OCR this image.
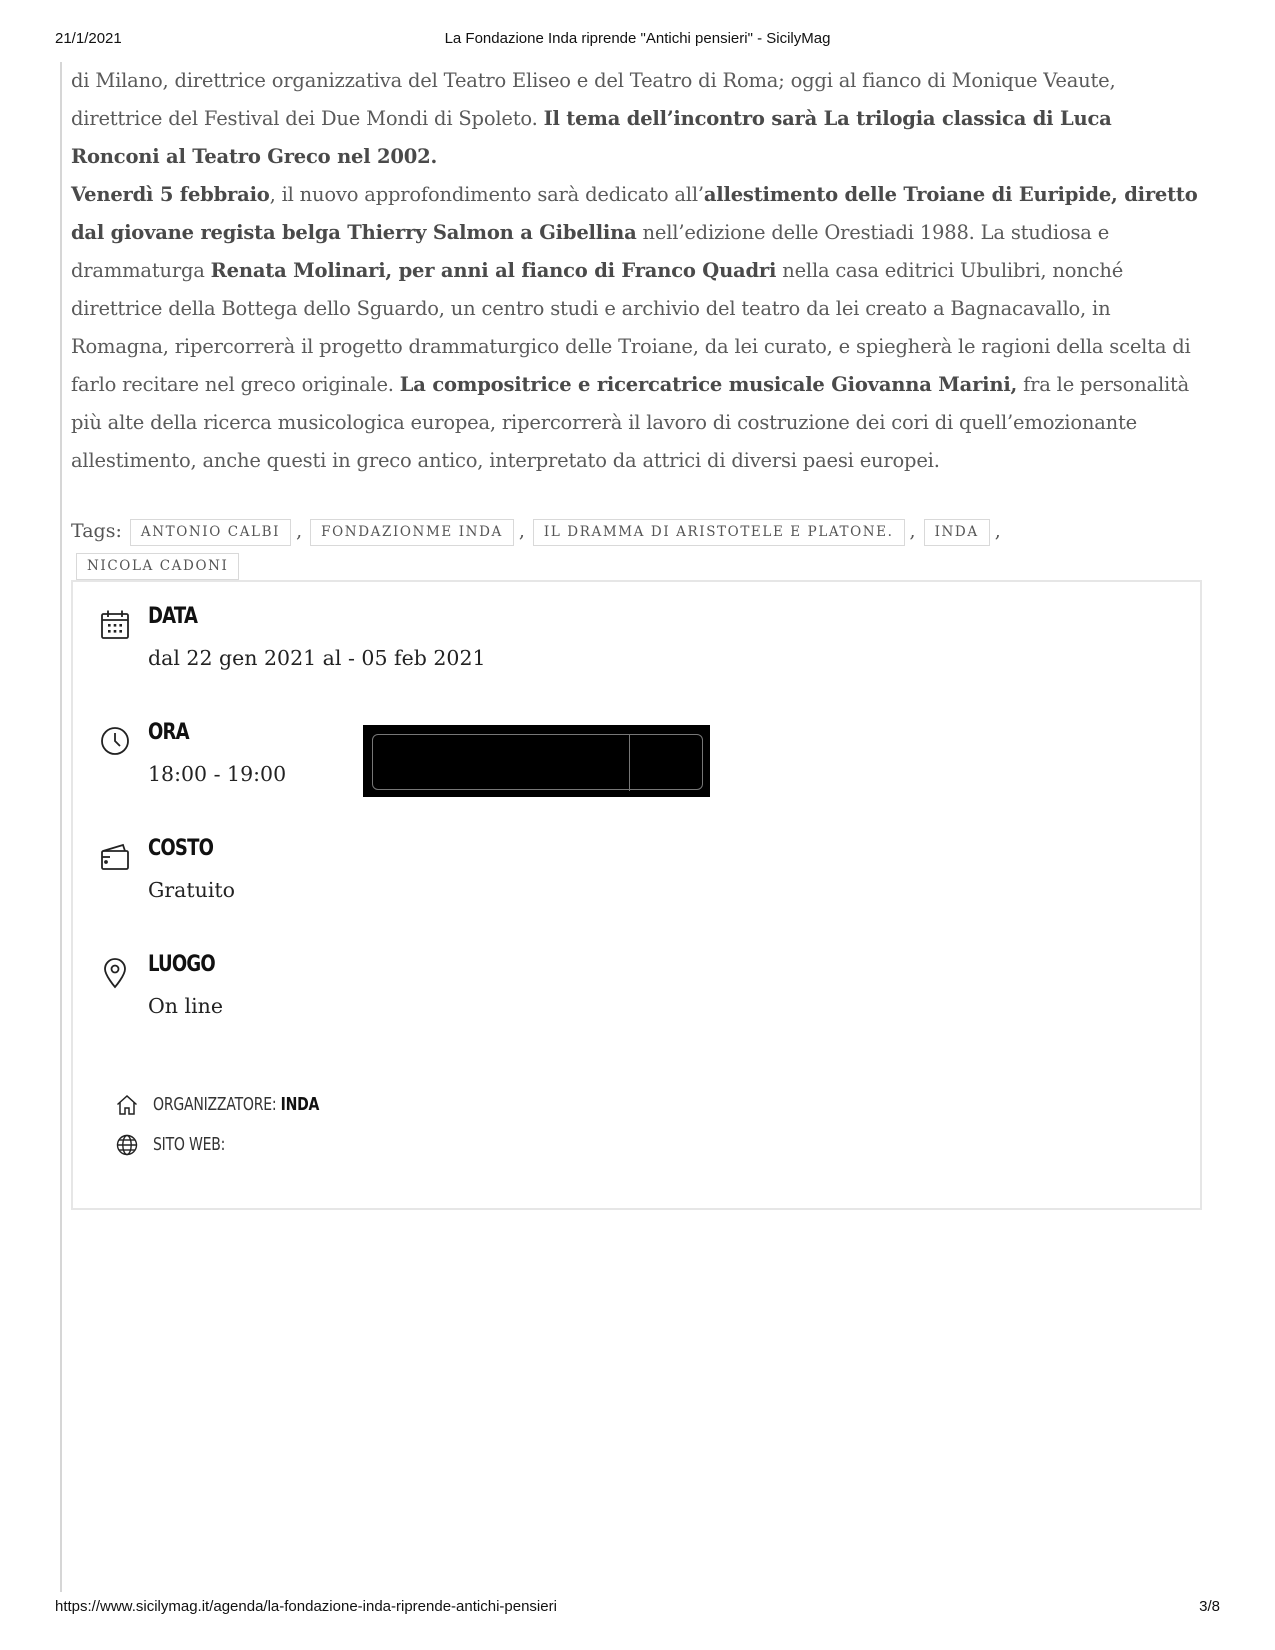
21/1/2021	La Fondazione Inda riprende "Antichi pensieri" - SicilyMag

di Milano, direttrice organizzativa del Teatro Eliseo e del Teatro di Roma; oggi al fianco di Monique Veaute, direttrice del Festival dei Due Mondi di Spoleto. Il tema dell’incontro sarà La trilogia classica di Luca Ronconi al Teatro Greco nel 2002.

Venerdì 5 febbraio, il nuovo approfondimento sarà dedicato all’allestimento delle Troiane di Euripide, diretto dal giovane regista belga Thierry Salmon a Gibellina nell’edizione delle Orestiadi 1988. La studiosa e drammaturga Renata Molinari, per anni al fianco di Franco Quadri nella casa editrici Ubulibri, nonché direttrice della Bottega dello Sguardo, un centro studi e archivio del teatro da lei creato a Bagnacavallo, in Romagna, ripercorrerà il progetto drammaturgico delle Troiane, da lei curato, e spiegherà le ragioni della scelta di farlo recitare nel greco originale. La compositrice e ricercatrice musicale Giovanna Marini, fra le personalità più alte della ricerca musicologica europea, ripercorrerà il lavoro di costruzione dei cori di quell’emozionante allestimento, anche questi in greco antico, interpretato da attrici di diversi paesi europei.

Tags: ANTONIO CALBI , FONDAZIONME INDA , IL DRAMMA DI ARISTOTELE E PLATONE. , INDA ,
NICOLA CADONI
DATA
dal 22 gen 2021 al - 05 feb 2021
ORA
18:00 - 19:00
COSTO
Gratuito
LUOGO
On line
ORGANIZZATORE: INDA
SITO WEB:
https://www.sicilymag.it/agenda/la-fondazione-inda-riprende-antichi-pensieri	3/8
